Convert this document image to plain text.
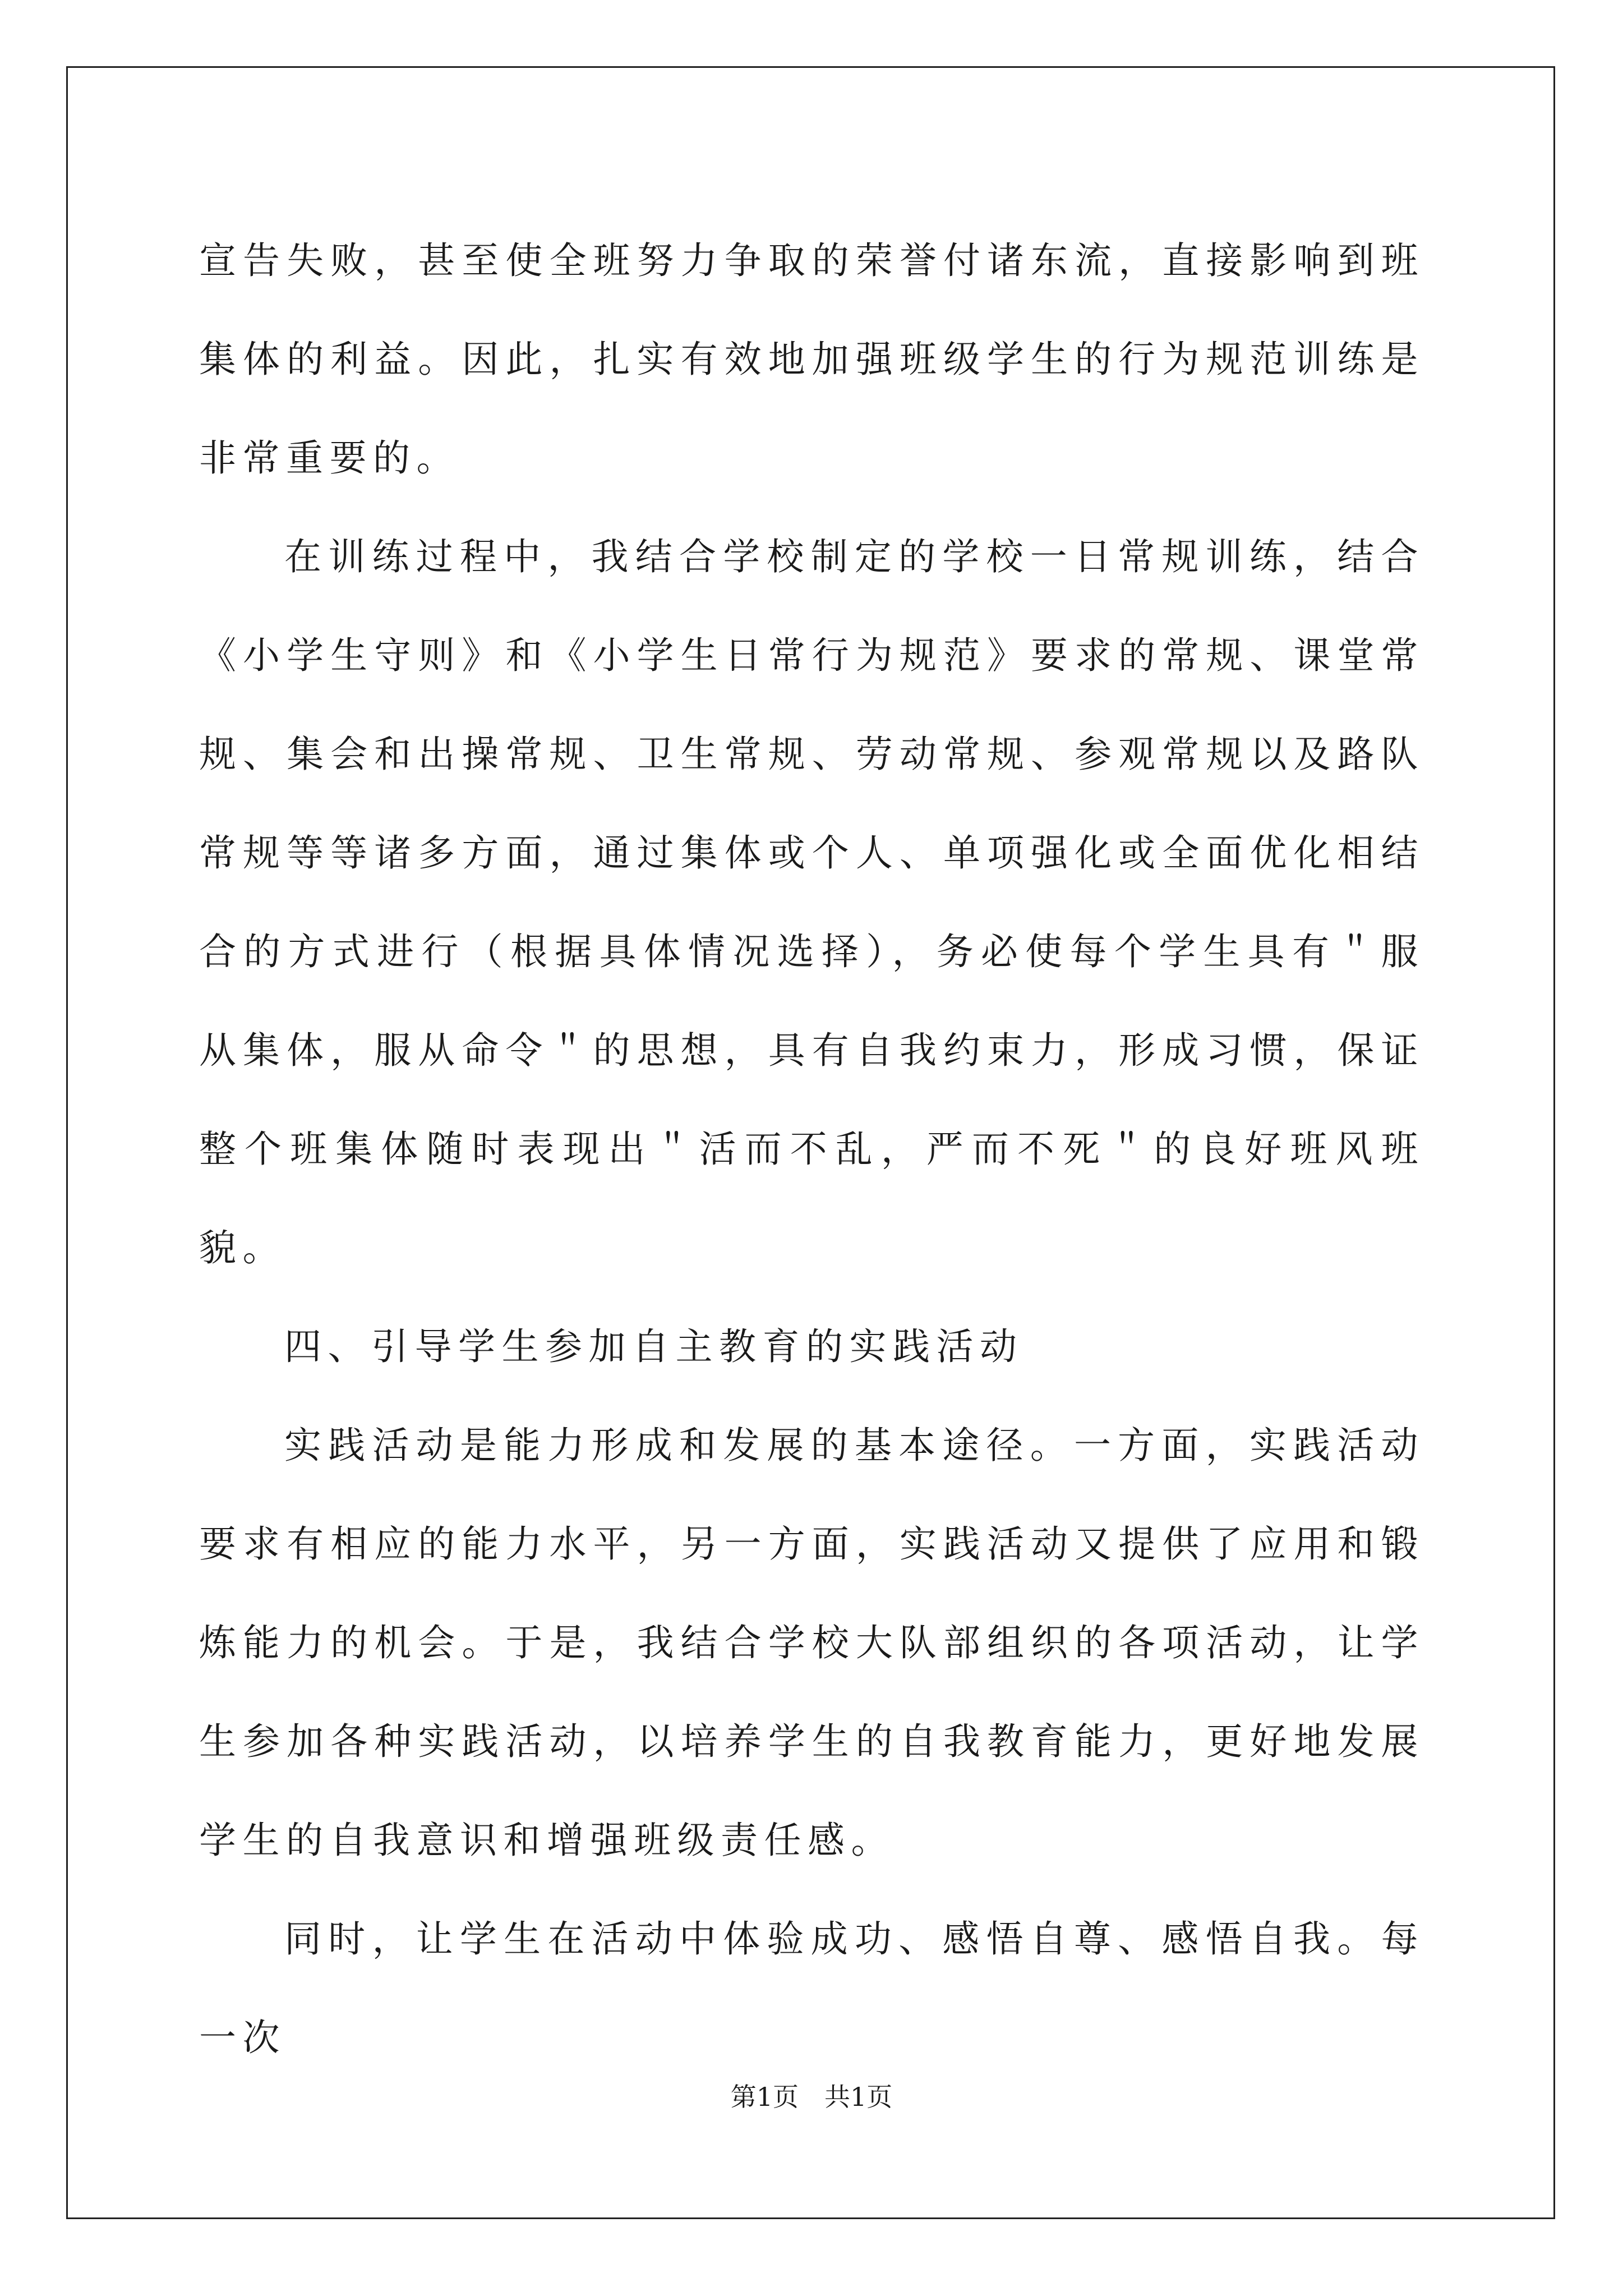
宣告失败，甚至使全班努力争取的荣誉付诸东流，直接影响到班集体的利益。因此，扎实有效地加强班级学生的行为规范训练是非常重要的。

在训练过程中，我结合学校制定的学校一日常规训练，结合《小学生守则》和《小学生日常行为规范》要求的常规、课堂常规、集会和出操常规、卫生常规、劳动常规、参观常规以及路队常规等等诸多方面，通过集体或个人、单项强化或全面优化相结合的方式进行（根据具体情况选择），务必使每个学生具有＂服从集体，服从命令＂的思想，具有自我约束力，形成习惯，保证整个班集体随时表现出＂活而不乱，严而不死＂的良好班风班貌。

四、引导学生参加自主教育的实践活动

实践活动是能力形成和发展的基本途径。一方面，实践活动要求有相应的能力水平，另一方面，实践活动又提供了应用和锻炼能力的机会。于是，我结合学校大队部组织的各项活动，让学生参加各种实践活动，以培养学生的自我教育能力，更好地发展学生的自我意识和增强班级责任感。

同时，让学生在活动中体验成功、感悟自尊、感悟自我。每一次

第1页　共1页
